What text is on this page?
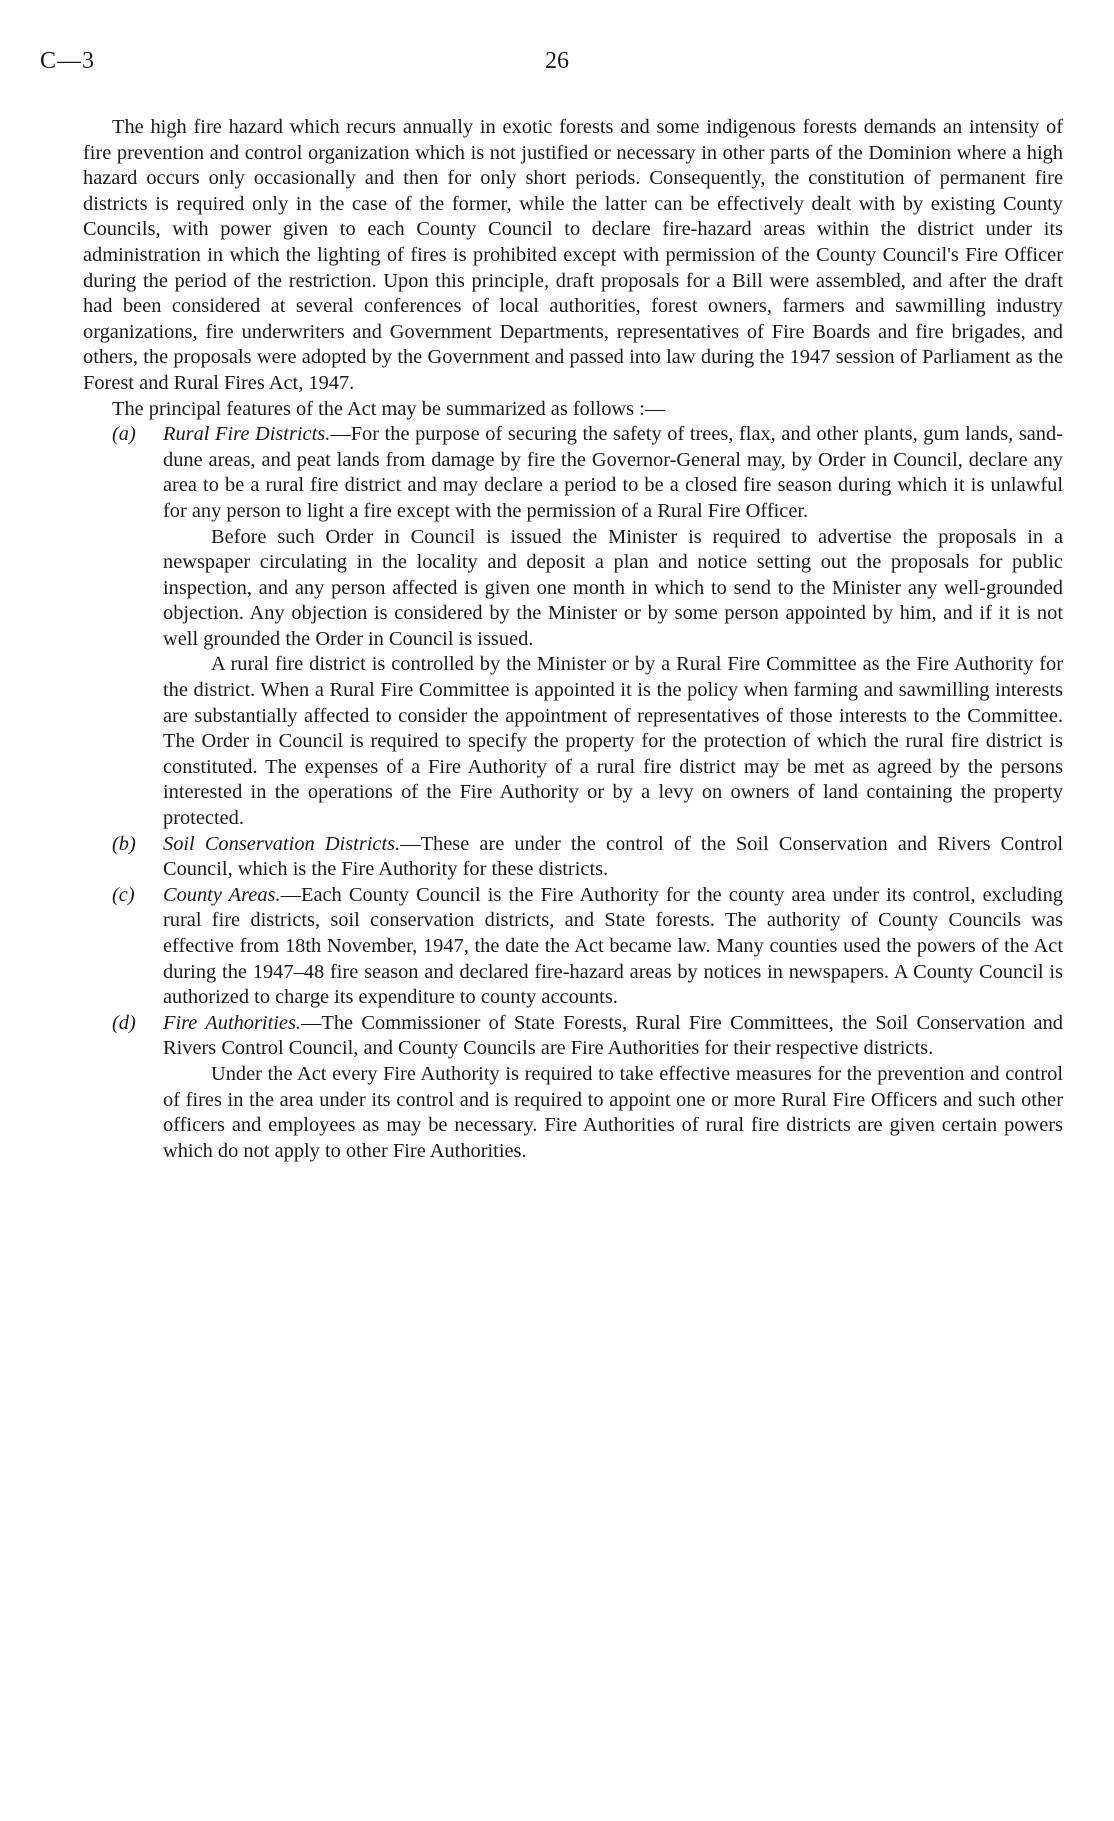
C—3	26

The high fire hazard which recurs annually in exotic forests and some indigenous forests demands an intensity of fire prevention and control organization which is not justified or necessary in other parts of the Dominion where a high hazard occurs only occasionally and then for only short periods. Consequently, the constitution of permanent fire districts is required only in the case of the former, while the latter can be effectively dealt with by existing County Councils, with power given to each County Council to declare fire-hazard areas within the district under its administration in which the lighting of fires is prohibited except with permission of the County Council's Fire Officer during the period of the restriction. Upon this principle, draft proposals for a Bill were assembled, and after the draft had been considered at several conferences of local authorities, forest owners, farmers and sawmilling industry organizations, fire underwriters and Government Departments, representatives of Fire Boards and fire brigades, and others, the proposals were adopted by the Government and passed into law during the 1947 session of Parliament as the Forest and Rural Fires Act, 1947.

The principal features of the Act may be summarized as follows :—

(a) Rural Fire Districts.—For the purpose of securing the safety of trees, flax, and other plants, gum lands, sand-dune areas, and peat lands from damage by fire the Governor-General may, by Order in Council, declare any area to be a rural fire district and may declare a period to be a closed fire season during which it is unlawful for any person to light a fire except with the permission of a Rural Fire Officer.

Before such Order in Council is issued the Minister is required to advertise the proposals in a newspaper circulating in the locality and deposit a plan and notice setting out the proposals for public inspection, and any person affected is given one month in which to send to the Minister any well-grounded objection. Any objection is considered by the Minister or by some person appointed by him, and if it is not well grounded the Order in Council is issued.

A rural fire district is controlled by the Minister or by a Rural Fire Committee as the Fire Authority for the district. When a Rural Fire Committee is appointed it is the policy when farming and sawmilling interests are substantially affected to consider the appointment of representatives of those interests to the Committee. The Order in Council is required to specify the property for the protection of which the rural fire district is constituted. The expenses of a Fire Authority of a rural fire district may be met as agreed by the persons interested in the operations of the Fire Authority or by a levy on owners of land containing the property protected.

(b) Soil Conservation Districts.—These are under the control of the Soil Conservation and Rivers Control Council, which is the Fire Authority for these districts.

(c) County Areas.—Each County Council is the Fire Authority for the county area under its control, excluding rural fire districts, soil conservation districts, and State forests. The authority of County Councils was effective from 18th November, 1947, the date the Act became law. Many counties used the powers of the Act during the 1947–48 fire season and declared fire-hazard areas by notices in newspapers. A County Council is authorized to charge its expenditure to county accounts.

(d) Fire Authorities.—The Commissioner of State Forests, Rural Fire Committees, the Soil Conservation and Rivers Control Council, and County Councils are Fire Authorities for their respective districts.

Under the Act every Fire Authority is required to take effective measures for the prevention and control of fires in the area under its control and is required to appoint one or more Rural Fire Officers and such other officers and employees as may be necessary. Fire Authorities of rural fire districts are given certain powers which do not apply to other Fire Authorities.
